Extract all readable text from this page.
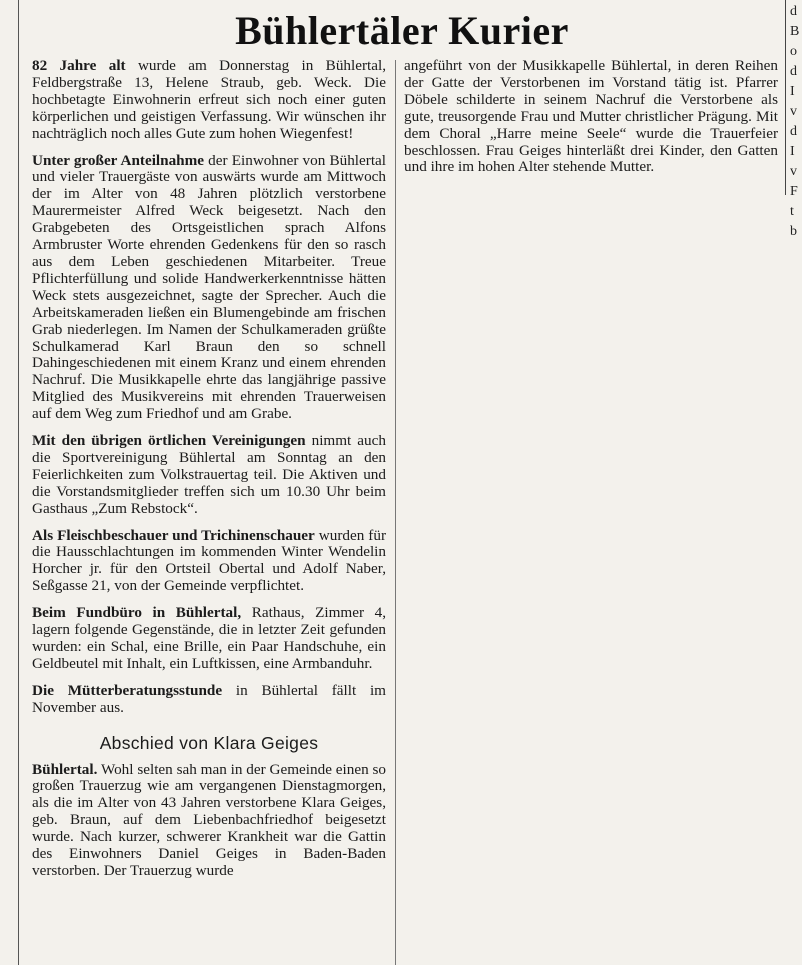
Bühlertäler Kurier

82 Jahre alt wurde am Donnerstag in Bühlertal, Feldbergstraße 13, Helene Straub, geb. Weck. Die hochbetagte Einwohnerin erfreut sich noch einer guten körperlichen und geistigen Verfassung. Wir wünschen ihr nachträglich noch alles Gute zum hohen Wiegenfest!

Unter großer Anteilnahme der Einwohner von Bühlertal und vieler Trauergäste von auswärts wurde am Mittwoch der im Alter von 48 Jahren plötzlich verstorbene Maurermeister Alfred Weck beigesetzt. Nach den Grabgebeten des Ortsgeistlichen sprach Alfons Armbruster Worte ehrenden Gedenkens für den so rasch aus dem Leben geschiedenen Mitarbeiter. Treue Pflichterfüllung und solide Handwerkerkenntnisse hätten Weck stets ausgezeichnet, sagte der Sprecher. Auch die Arbeitskameraden ließen ein Blumengebinde am frischen Grab niederlegen. Im Namen der Schulkameraden grüßte Schulkamerad Karl Braun den so schnell Dahingeschiedenen mit einem Kranz und einem ehrenden Nachruf. Die Musikkapelle ehrte das langjährige passive Mitglied des Musikvereins mit ehrenden Trauerweisen auf dem Weg zum Friedhof und am Grabe.

Mit den übrigen örtlichen Vereinigungen nimmt auch die Sportvereinigung Bühlertal am Sonntag an den Feierlichkeiten zum Volkstrauertag teil. Die Aktiven und die Vorstandsmitglieder treffen sich um 10.30 Uhr beim Gasthaus „Zum Rebstock“.

Als Fleischbeschauer und Trichinenschauer wurden für die Hausschlachtungen im kommenden Winter Wendelin Horcher jr. für den Ortsteil Obertal und Adolf Naber, Seßgasse 21, von der Gemeinde verpflichtet.

Beim Fundbüro in Bühlertal, Rathaus, Zimmer 4, lagern folgende Gegenstände, die in letzter Zeit gefunden wurden: ein Schal, eine Brille, ein Paar Handschuhe, ein Geldbeutel mit Inhalt, ein Luftkissen, eine Armbanduhr.

Die Mütterberatungsstunde in Bühlertal fällt im November aus.

Abschied von Klara Geiges

Bühlertal. Wohl selten sah man in der Gemeinde einen so großen Trauerzug wie am vergangenen Dienstagmorgen, als die im Alter von 43 Jahren verstorbene Klara Geiges, geb. Braun, auf dem Liebenbachfriedhof beigesetzt wurde. Nach kurzer, schwerer Krankheit war die Gattin des Einwohners Daniel Geiges in Baden-Baden verstorben. Der Trauerzug wurde

angeführt von der Musikkapelle Bühlertal, in deren Reihen der Gatte der Verstorbenen im Vorstand tätig ist. Pfarrer Döbele schilderte in seinem Nachruf die Verstorbene als gute, treusorgende Frau und Mutter christlicher Prägung. Mit dem Choral „Harre meine Seele“ wurde die Trauerfeier beschlossen. Frau Geiges hinterläßt drei Kinder, den Gatten und ihre im hohen Alter stehende Mutter.

d
B
o
d
I
v
d
I
v
F
t
b
